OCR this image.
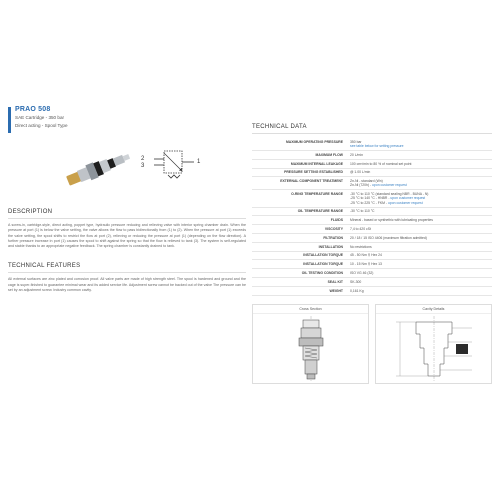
PRAO 508
SAE Cartridge - 350 bar
Direct acting - Spool Type
2
3
1
DESCRIPTION

A screw-in, cartridge-style, direct acting, poppet type, hydraulic pressure reducing and relieving valve with interior spring chamber drain. When the pressure at port (1) is below the valve setting, the valve allows the flow to pass bidirectionally from (1) to (2). When the pressure at port (1) exceeds the valve setting, the spool shifts to restrict the flow at port (2), relieving or reducing the pressure at port (1) (depending on the flow direction). A further pressure increase in port (1) causes the spool to shift against the spring so that the flow is relieved to tank (3). The system is self-regulated and stable thanks to an appropriate negative feedback. The spring chamber is constantly drained to tank.

TECHNICAL FEATURES

All external surfaces are zinc plated and corrosion proof. All valve parts are made of high strength steel. The spool is hardened and ground and the cage is super-finished to guarantee minimal wear and its added service life. Adjustment screw cannot be backed out of the valve The pressure can be set by an adjustment screw. Industry common cavity.

TECHNICAL DATA
MAXIMUM OPERATING PRESSURE	350 bar
see table below for setting pressure

MAXIMUM FLOW	20 L/min

MAXIMUM INTERNAL LEAKAGE	100 cm³/min to 80 % of nominal set point

PRESSURE SETTING ESTABLISHED	@ 1.00 L/min

EXTERNAL COMPONENT TREATMENT	Zn-Ni - standard (Wn)
Zn-Ni (720h) - upon customer request

O-RING TEMPERATURE RANGE	-30 °C to 110 °C (standard sealing NBR - BUNA - N)
-25 °C to 140 °C - HNBR - upon customer request
-25 °C to 225 °C - FKM - upon customer request

OIL TEMPERATURE RANGE	-30 °C to 110 °C

FLUIDS	Mineral - based or synthethic with lubricating properties

VISCOSITY	7,4 to 420 cSt

FILTRATION	20 / 18 / 15 ISO 4406 (maximum filtration admitted)

INSTALLATION	No restrictions

INSTALLATION TORQUE	45 - 50 Nm ⚲ Hex 24

INSTALLATION TORQUE	10 - 15 Nm ⚲ Hex 13

OIL TESTING CONDITION	ISO VG 46 (32)

SEAL KIT	SK-300

WEIGHT	0,161 Kg
Cross Section	Cavity Details
